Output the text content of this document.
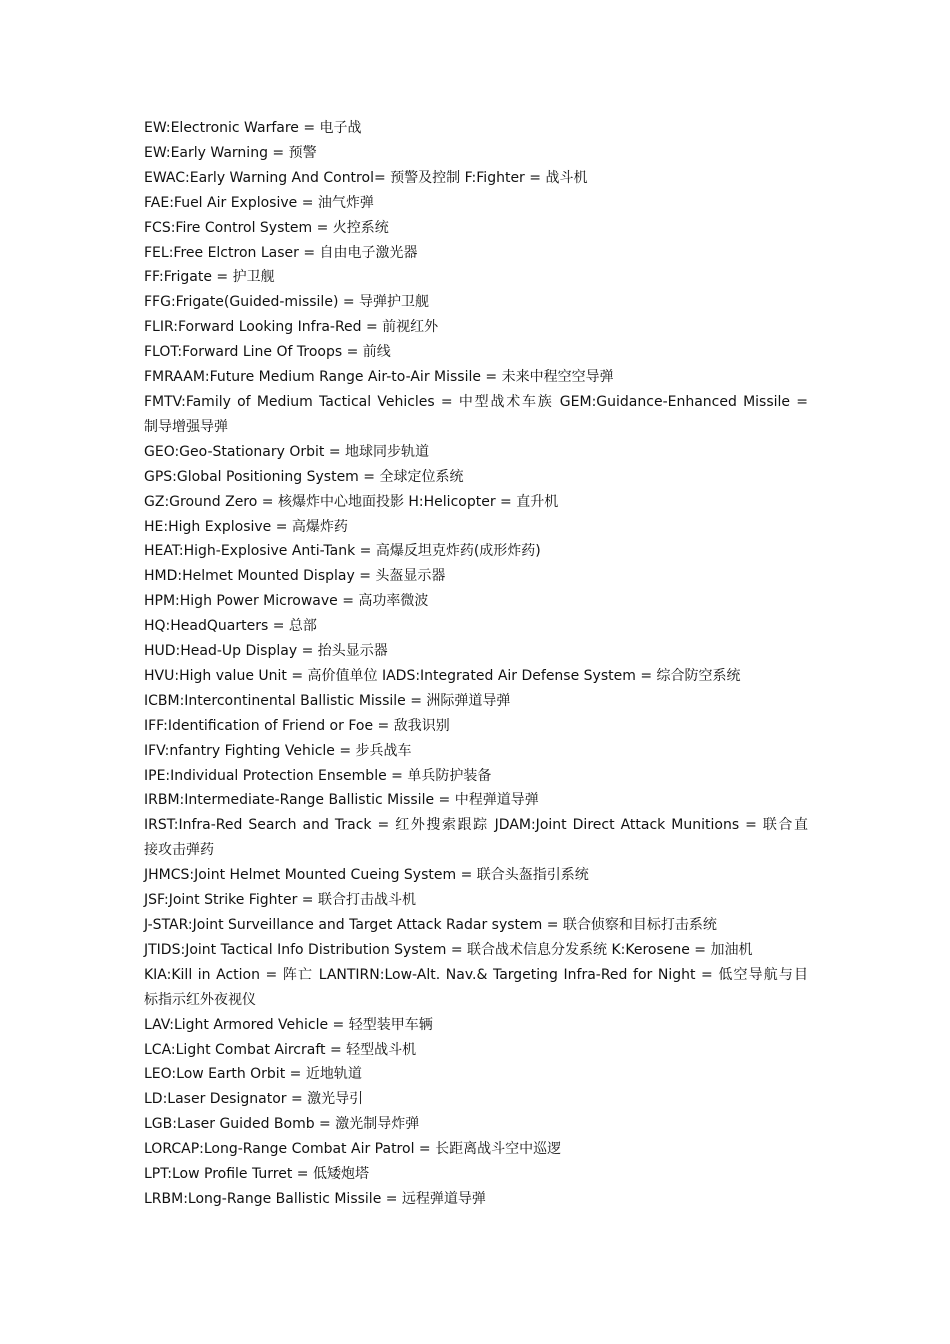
EW:Electronic Warfare = 电子战
EW:Early Warning = 预警
EWAC:Early Warning And Control= 预警及控制 F:Fighter = 战斗机
FAE:Fuel Air Explosive = 油气炸弹
FCS:Fire Control System = 火控系统
FEL:Free Elctron Laser = 自由电子激光器
FF:Frigate = 护卫舰
FFG:Frigate(Guided-missile) = 导弹护卫舰
FLIR:Forward Looking Infra-Red = 前视红外
FLOT:Forward Line Of Troops = 前线
FMRAAM:Future Medium Range Air-to-Air Missile = 未来中程空空导弹
FMTV:Family of Medium Tactical Vehicles = 中型战术车族 GEM:Guidance-Enhanced Missile =
制导增强导弹
GEO:Geo-Stationary Orbit = 地球同步轨道
GPS:Global Positioning System = 全球定位系统
GZ:Ground Zero = 核爆炸中心地面投影 H:Helicopter = 直升机
HE:High Explosive = 高爆炸药
HEAT:High-Explosive Anti-Tank = 高爆反坦克炸药(成形炸药)
HMD:Helmet Mounted Display = 头盔显示器
HPM:High Power Microwave = 高功率微波
HQ:HeadQuarters = 总部
HUD:Head-Up Display = 抬头显示器
HVU:High value Unit = 高价值单位 IADS:Integrated Air Defense System = 综合防空系统
ICBM:Intercontinental Ballistic Missile = 洲际弹道导弹
IFF:Identification of Friend or Foe = 敌我识别
IFV:nfantry Fighting Vehicle = 步兵战车
IPE:Individual Protection Ensemble = 单兵防护装备
IRBM:Intermediate-Range Ballistic Missile = 中程弹道导弹
IRST:Infra-Red Search and Track = 红外搜索跟踪 JDAM:Joint Direct Attack Munitions = 联合直
接攻击弹药
JHMCS:Joint Helmet Mounted Cueing System = 联合头盔指引系统
JSF:Joint Strike Fighter = 联合打击战斗机
J-STAR:Joint Surveillance and Target Attack Radar system = 联合侦察和目标打击系统
JTIDS:Joint Tactical Info Distribution System = 联合战术信息分发系统 K:Kerosene = 加油机
KIA:Kill in Action = 阵亡 LANTIRN:Low-Alt. Nav.& Targeting Infra-Red for Night = 低空导航与目
标指示红外夜视仪
LAV:Light Armored Vehicle = 轻型装甲车辆
LCA:Light Combat Aircraft = 轻型战斗机
LEO:Low Earth Orbit = 近地轨道
LD:Laser Designator = 激光导引
LGB:Laser Guided Bomb = 激光制导炸弹
LORCAP:Long-Range Combat Air Patrol = 长距离战斗空中巡逻
LPT:Low Profile Turret = 低矮炮塔
LRBM:Long-Range Ballistic Missile = 远程弹道导弹
